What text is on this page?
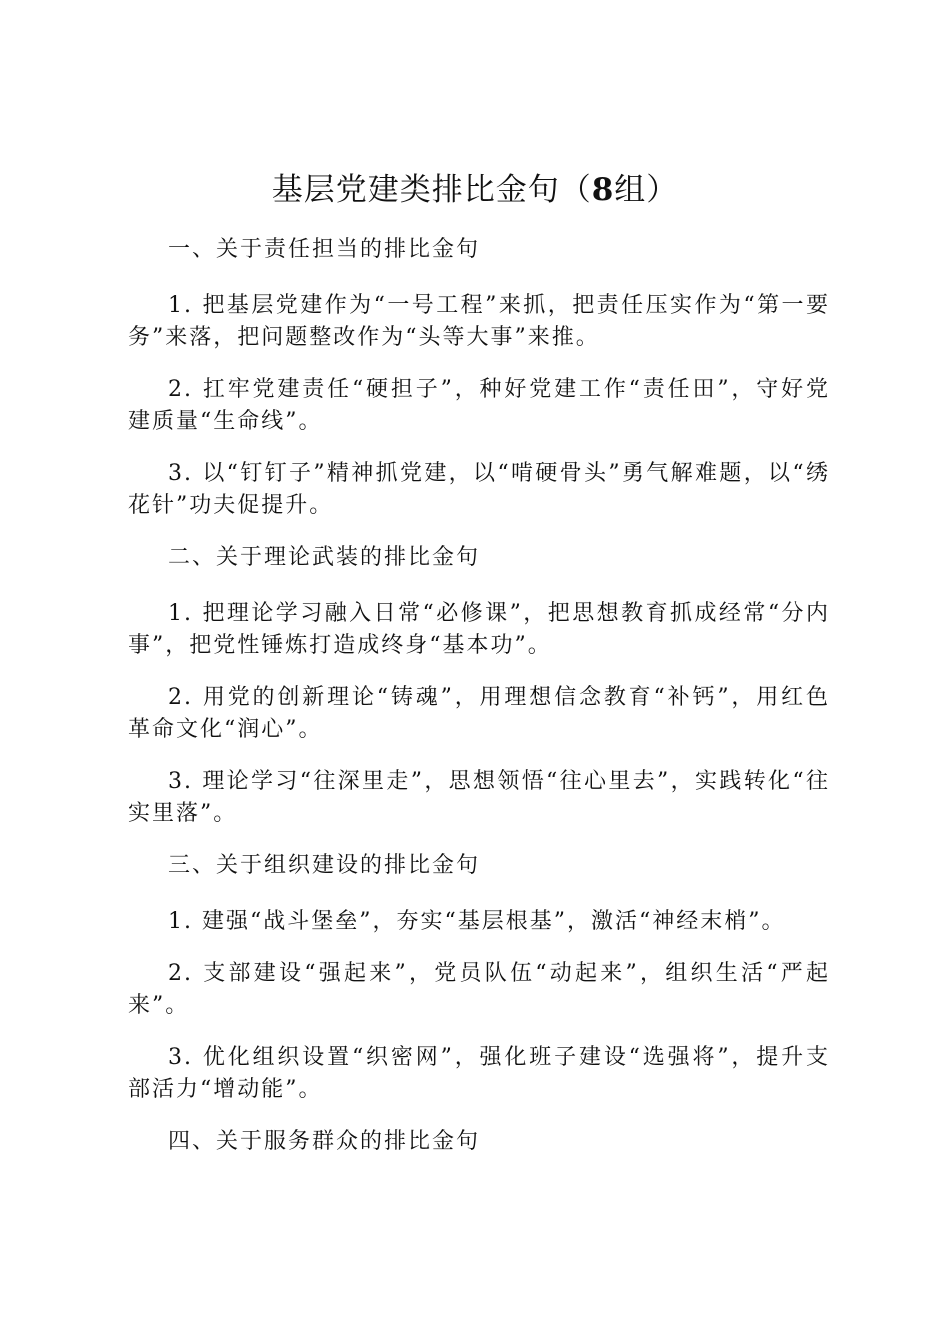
基层党建类排比金句（8组）
一、关于责任担当的排比金句
1. 把基层党建作为“一号工程”来抓，把责任压实作为“第一要务”来落，把问题整改作为“头等大事”来推。
2. 扛牢党建责任“硬担子”，种好党建工作“责任田”，守好党建质量“生命线”。
3. 以“钉钉子”精神抓党建，以“啃硬骨头”勇气解难题，以“绣花针”功夫促提升。
二、关于理论武装的排比金句
1. 把理论学习融入日常“必修课”，把思想教育抓成经常“分内事”，把党性锤炼打造成终身“基本功”。
2. 用党的创新理论“铸魂”，用理想信念教育“补钙”，用红色革命文化“润心”。
3. 理论学习“往深里走”，思想领悟“往心里去”，实践转化“往实里落”。
三、关于组织建设的排比金句
1. 建强“战斗堡垒”，夯实“基层根基”，激活“神经末梢”。
2. 支部建设“强起来”，党员队伍“动起来”，组织生活“严起来”。
3. 优化组织设置“织密网”，强化班子建设“选强将”，提升支部活力“增动能”。
四、关于服务群众的排比金句
